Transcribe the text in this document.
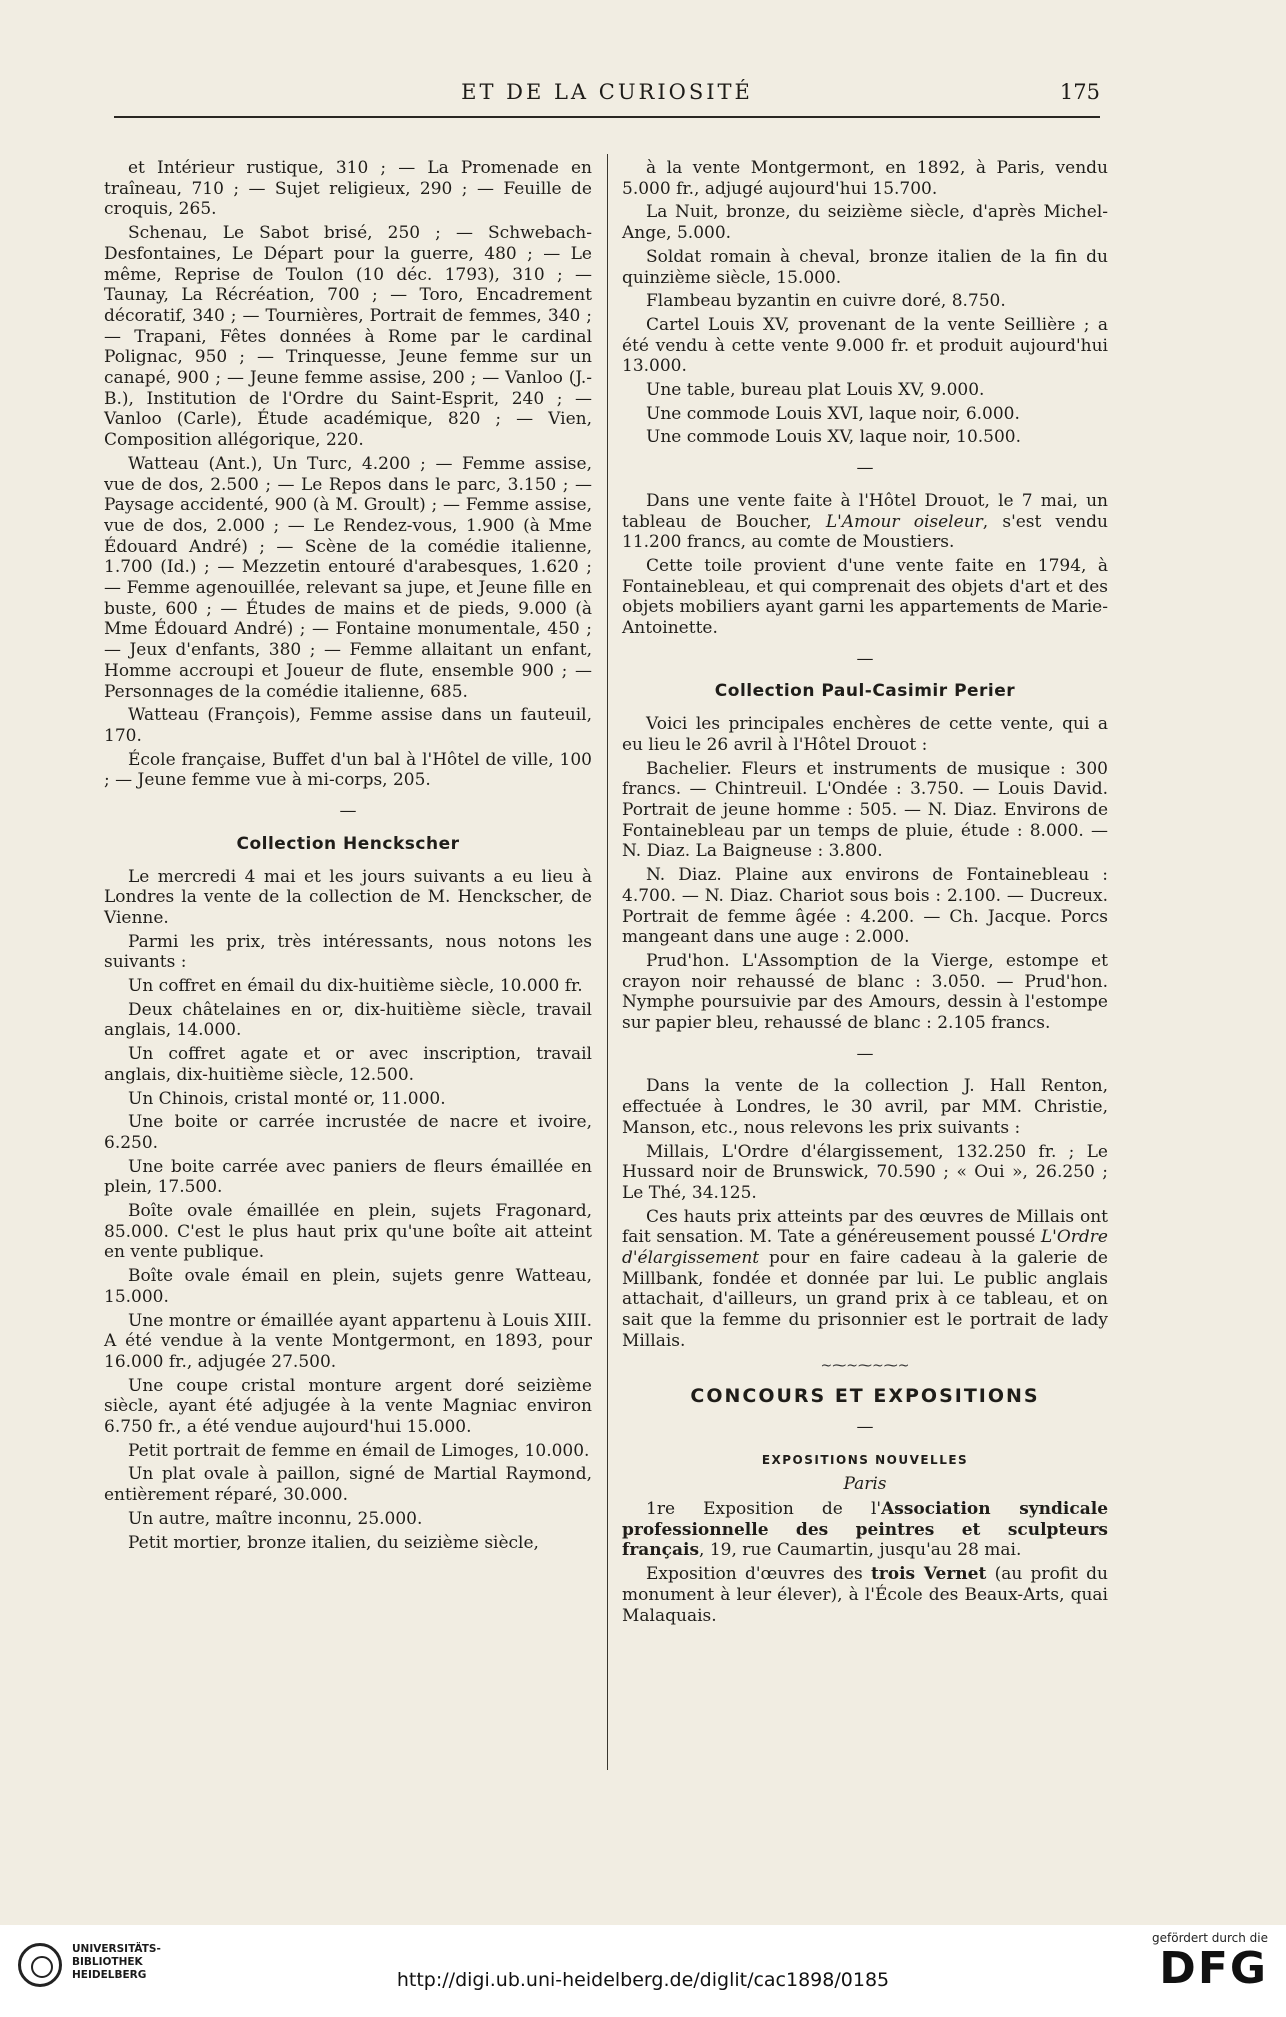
ET DE LA CURIOSITÉ	175

et Intérieur rustique, 310 ; — La Promenade en traîneau, 710 ; — Sujet religieux, 290 ; — Feuille de croquis, 265.

Schenau, Le Sabot brisé, 250 ; — Schwebach-Desfontaines, Le Départ pour la guerre, 480 ; — Le même, Reprise de Toulon (10 déc. 1793), 310 ; — Taunay, La Récréation, 700 ; — Toro, Encadrement décoratif, 340 ; — Tournières, Portrait de femmes, 340 ; — Trapani, Fêtes données à Rome par le cardinal Polignac, 950 ; — Trinquesse, Jeune femme sur un canapé, 900 ; — Jeune femme assise, 200 ; — Vanloo (J.-B.), Institution de l'Ordre du Saint-Esprit, 240 ; — Vanloo (Carle), Étude académique, 820 ; — Vien, Composition allégorique, 220.

Watteau (Ant.), Un Turc, 4.200 ; — Femme assise, vue de dos, 2.500 ; — Le Repos dans le parc, 3.150 ; — Paysage accidenté, 900 (à M. Groult) ; — Femme assise, vue de dos, 2.000 ; — Le Rendez-vous, 1.900 (à Mme Édouard André) ; — Scène de la comédie italienne, 1.700 (Id.) ; — Mezzetin entouré d'arabesques, 1.620 ; — Femme agenouillée, relevant sa jupe, et Jeune fille en buste, 600 ; — Études de mains et de pieds, 9.000 (à Mme Édouard André) ; — Fontaine monumentale, 450 ; — Jeux d'enfants, 380 ; — Femme allaitant un enfant, Homme accroupi et Joueur de flute, ensemble 900 ; — Personnages de la comédie italienne, 685.

Watteau (François), Femme assise dans un fauteuil, 170.

École française, Buffet d'un bal à l'Hôtel de ville, 100 ; — Jeune femme vue à mi-corps, 205.

—
Collection Henckscher

Le mercredi 4 mai et les jours suivants a eu lieu à Londres la vente de la collection de M. Henckscher, de Vienne.

Parmi les prix, très intéressants, nous notons les suivants :

Un coffret en émail du dix-huitième siècle, 10.000 fr.

Deux châtelaines en or, dix-huitième siècle, travail anglais, 14.000.

Un coffret agate et or avec inscription, travail anglais, dix-huitième siècle, 12.500.

Un Chinois, cristal monté or, 11.000.

Une boite or carrée incrustée de nacre et ivoire, 6.250.

Une boite carrée avec paniers de fleurs émaillée en plein, 17.500.

Boîte ovale émaillée en plein, sujets Fragonard, 85.000. C'est le plus haut prix qu'une boîte ait atteint en vente publique.

Boîte ovale émail en plein, sujets genre Watteau, 15.000.

Une montre or émaillée ayant appartenu à Louis XIII. A été vendue à la vente Montgermont, en 1893, pour 16.000 fr., adjugée 27.500.

Une coupe cristal monture argent doré seizième siècle, ayant été adjugée à la vente Magniac environ 6.750 fr., a été vendue aujourd'hui 15.000.

Petit portrait de femme en émail de Limoges, 10.000.

Un plat ovale à paillon, signé de Martial Raymond, entièrement réparé, 30.000.

Un autre, maître inconnu, 25.000.

Petit mortier, bronze italien, du seizième siècle,

à la vente Montgermont, en 1892, à Paris, vendu 5.000 fr., adjugé aujourd'hui 15.700.

La Nuit, bronze, du seizième siècle, d'après Michel-Ange, 5.000.

Soldat romain à cheval, bronze italien de la fin du quinzième siècle, 15.000.

Flambeau byzantin en cuivre doré, 8.750.

Cartel Louis XV, provenant de la vente Seillière ; a été vendu à cette vente 9.000 fr. et produit aujourd'hui 13.000.

Une table, bureau plat Louis XV, 9.000.

Une commode Louis XVI, laque noir, 6.000.

Une commode Louis XV, laque noir, 10.500.

—

Dans une vente faite à l'Hôtel Drouot, le 7 mai, un tableau de Boucher, L'Amour oiseleur, s'est vendu 11.200 francs, au comte de Moustiers.

Cette toile provient d'une vente faite en 1794, à Fontainebleau, et qui comprenait des objets d'art et des objets mobiliers ayant garni les appartements de Marie-Antoinette.

—
Collection Paul-Casimir Perier

Voici les principales enchères de cette vente, qui a eu lieu le 26 avril à l'Hôtel Drouot :

Bachelier. Fleurs et instruments de musique : 300 francs. — Chintreuil. L'Ondée : 3.750. — Louis David. Portrait de jeune homme : 505. — N. Diaz. Environs de Fontainebleau par un temps de pluie, étude : 8.000. — N. Diaz. La Baigneuse : 3.800.

N. Diaz. Plaine aux environs de Fontainebleau : 4.700. — N. Diaz. Chariot sous bois : 2.100. — Ducreux. Portrait de femme âgée : 4.200. — Ch. Jacque. Porcs mangeant dans une auge : 2.000.

Prud'hon. L'Assomption de la Vierge, estompe et crayon noir rehaussé de blanc : 3.050. — Prud'hon. Nymphe poursuivie par des Amours, dessin à l'estompe sur papier bleu, rehaussé de blanc : 2.105 francs.

—

Dans la vente de la collection J. Hall Renton, effectuée à Londres, le 30 avril, par MM. Christie, Manson, etc., nous relevons les prix suivants :

Millais, L'Ordre d'élargissement, 132.250 fr. ; Le Hussard noir de Brunswick, 70.590 ; « Oui », 26.250 ; Le Thé, 34.125.

Ces hauts prix atteints par des œuvres de Millais ont fait sensation. M. Tate a généreusement poussé L'Ordre d'élargissement pour en faire cadeau à la galerie de Millbank, fondée et donnée par lui. Le public anglais attachait, d'ailleurs, un grand prix à ce tableau, et on sait que la femme du prisonnier est le portrait de lady Millais.

~⁓~⁓~⁓~
CONCOURS ET EXPOSITIONS
—
EXPOSITIONS NOUVELLES
Paris

1re Exposition de l'Association syndicale professionnelle des peintres et sculpteurs français, 19, rue Caumartin, jusqu'au 28 mai.

Exposition d'œuvres des trois Vernet (au profit du monument à leur élever), à l'École des Beaux-Arts, quai Malaquais.

UNIVERSITÄTS-
BIBLIOTHEK
HEIDELBERG	http://digi.ub.uni-heidelberg.de/diglit/cac1898/0185
gefördert durch die
DFG
